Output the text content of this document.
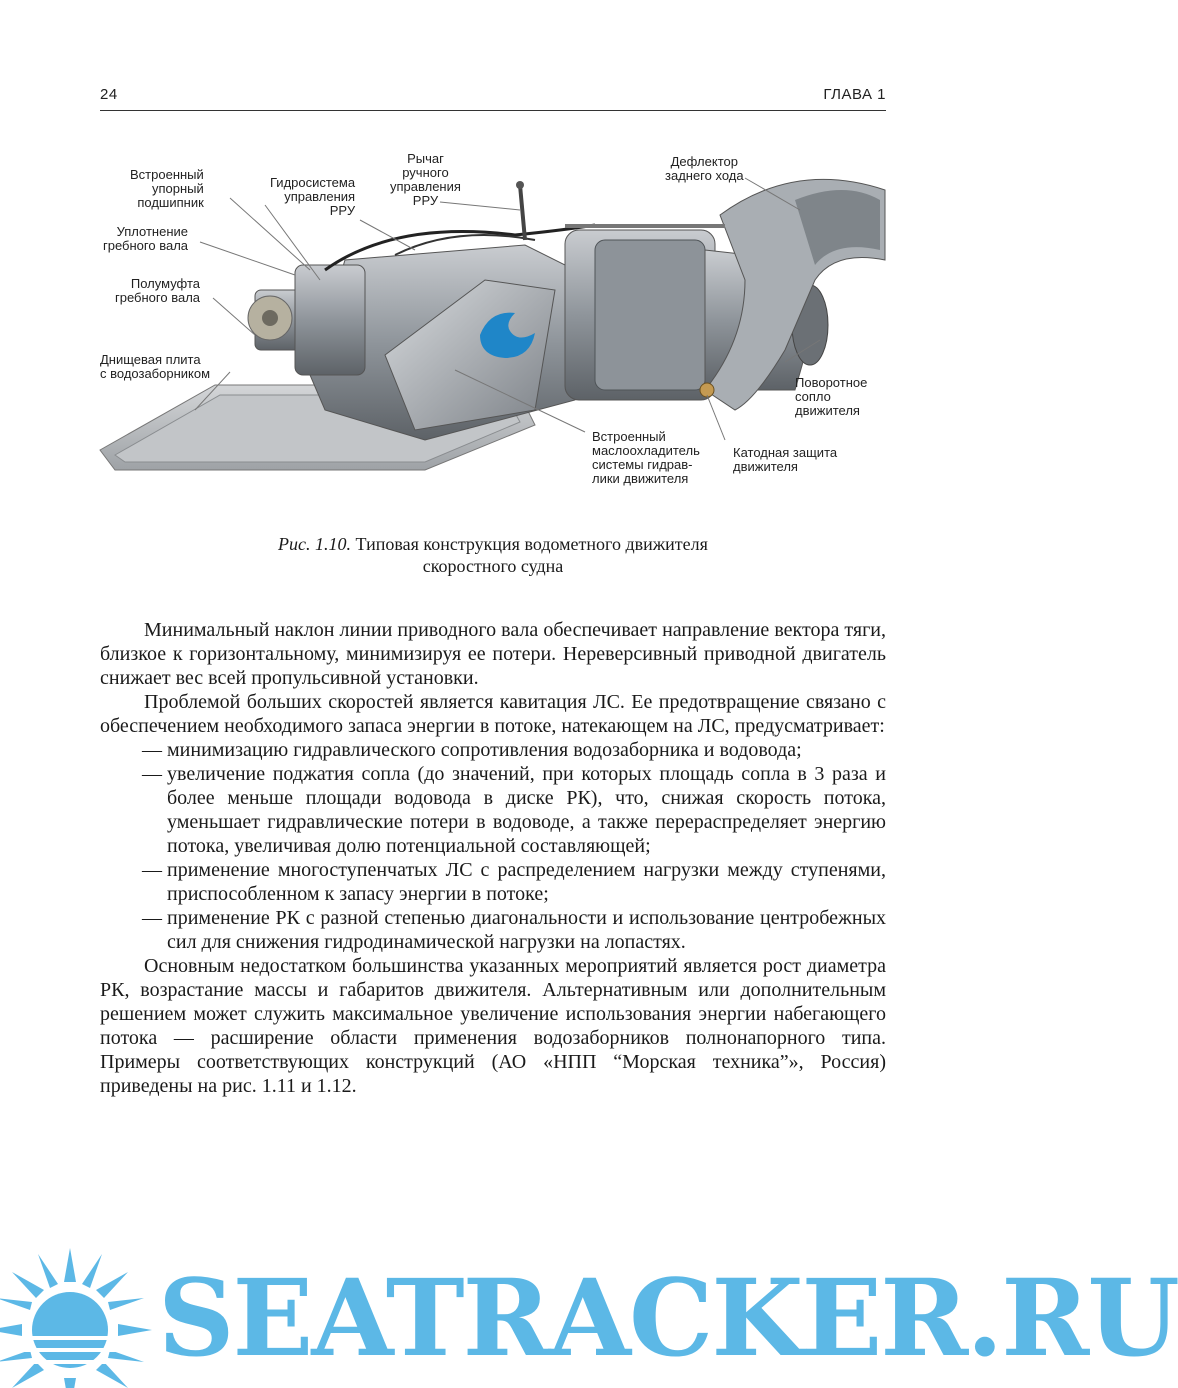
24	ГЛАВА 1
Встроенный
упорный
подшипник
Уплотнение
гребного вала
Полумуфта
гребного вала
Днищевая плита
с водозаборником
Гидросистема
управления
РРУ
Рычаг
ручного
управления
РРУ
Дефлектор
заднего хода
Поворотное
сопло
движителя
Встроенный
маслоохладитель
системы гидрав-
лики движителя
Катодная защита
движителя
Рис. 1.10. Типовая конструкция водометного движителя
скоростного судна

Минимальный наклон линии приводного вала обеспечивает направление вектора тяги, близкое к горизонтальному, минимизируя ее потери. Нереверсивный приводной двигатель снижает вес всей пропульсивной установки.

Проблемой больших скоростей является кавитация ЛС. Ее предотвращение связано с обеспечением необходимого запаса энергии в потоке, натекающем на ЛС, предусматривает:

— минимизацию гидравлического сопротивления водозаборника и водовода;

— увеличение поджатия сопла (до значений, при которых площадь сопла в 3 раза и более меньше площади водовода в диске РК), что, снижая скорость потока, уменьшает гидравлические потери в водоводе, а также перераспределяет энергию потока, увеличивая долю потенциальной составляющей;

— применение многоступенчатых ЛС с распределением нагрузки между ступенями, приспособленном к запасу энергии в потоке;

— применение РК с разной степенью диагональности и использование центробежных сил для снижения гидродинамической нагрузки на лопастях.

Основным недостатком большинства указанных мероприятий является рост диаметра РК, возрастание массы и габаритов движителя. Альтернативным или дополнительным решением может служить максимальное увеличение использования энергии набегающего потока — расширение области применения водозаборников полнонапорного типа. Примеры соответствующих конструкций (АО «НПП “Морская техника”», Россия) приведены на рис. 1.11 и 1.12.

SEATRACKER.RU
